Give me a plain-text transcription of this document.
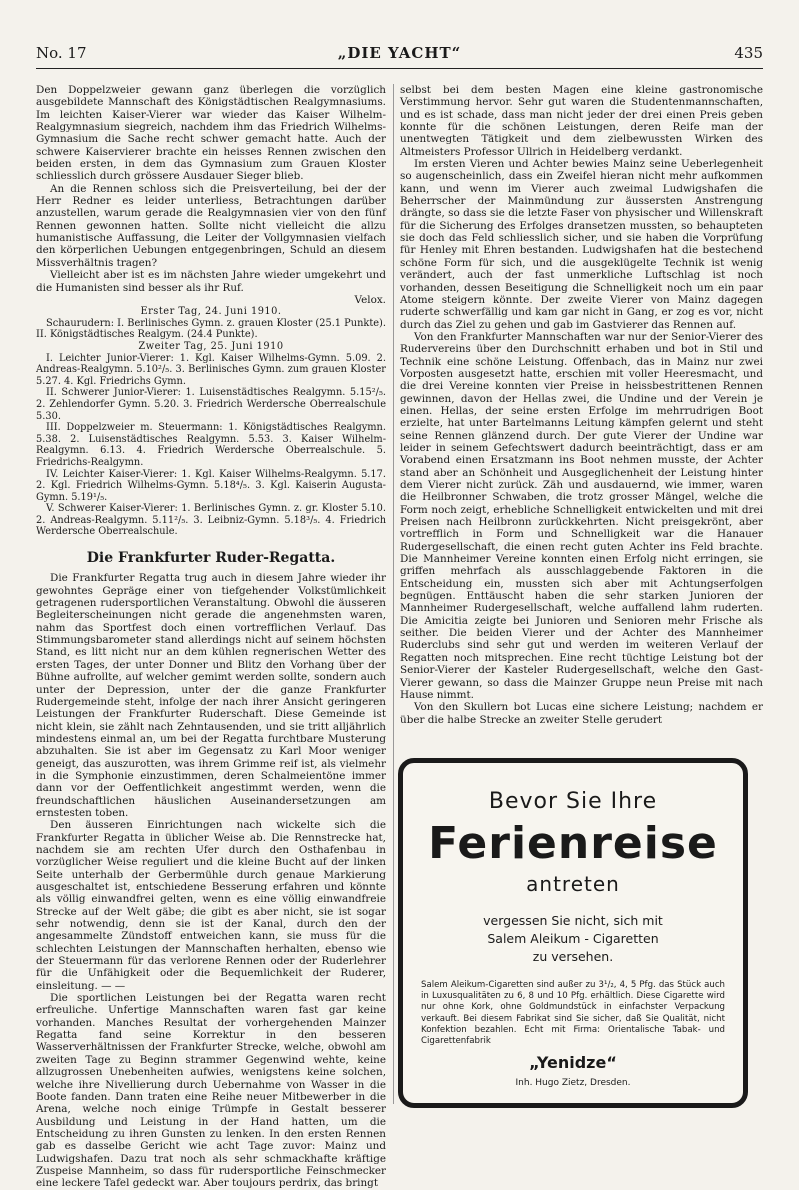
No. 17	„DIE YACHT“	435

Den Doppelzweier gewann ganz überlegen die vorzüglich ausgebildete Mannschaft des Königstädtischen Realgymnasiums. Im leichten Kaiser-Vierer war wieder das Kaiser Wilhelm-Realgymnasium siegreich, nachdem ihm das Friedrich Wilhelms-Gymnasium die Sache recht schwer gemacht hatte. Auch der schwere Kaiservierer brachte ein heisses Rennen zwischen den beiden ersten, in dem das Gymnasium zum Grauen Kloster schliesslich durch grössere Ausdauer Sieger blieb.

An die Rennen schloss sich die Preisverteilung, bei der der Herr Redner es leider unterliess, Betrachtungen darüber anzustellen, warum gerade die Realgymnasien vier von den fünf Rennen gewonnen hatten. Sollte nicht vielleicht die allzu humanistische Auffassung, die Leiter der Vollgymnasien vielfach den körperlichen Uebungen entgegenbringen, Schuld an diesem Missverhältnis tragen?

Vielleicht aber ist es im nächsten Jahre wieder umgekehrt und die Humanisten sind besser als ihr Ruf.

Velox.

Erster Tag, 24. Juni 1910.

Schaurudern: I. Berlinisches Gymn. z. grauen Kloster (25.1 Punkte). II. Königstädtisches Realgym. (24.4 Punkte).

Zweiter Tag, 25. Juni 1910

I. Leichter Junior-Vierer: 1. Kgl. Kaiser Wilhelms-Gymn. 5.09. 2. Andreas-Realgymn. 5.10²/₅. 3. Berlinisches Gymn. zum grauen Kloster 5.27. 4. Kgl. Friedrichs Gymn.

II. Schwerer Junior-Vierer: 1. Luisenstädtisches Realgymn. 5.15²/₅. 2. Zehlendorfer Gymn. 5.20. 3. Friedrich Werdersche Oberrealschule 5.30.

III. Doppelzweier m. Steuermann: 1. Königstädtisches Realgymn. 5.38. 2. Luisenstädtisches Realgymn. 5.53. 3. Kaiser Wilhelm-Realgymn. 6.13. 4. Friedrich Werdersche Oberrealschule. 5. Friedrichs-Realgymn.

IV. Leichter Kaiser-Vierer: 1. Kgl. Kaiser Wilhelms-Realgymn. 5.17. 2. Kgl. Friedrich Wilhelms-Gymn. 5.18⁴/₅. 3. Kgl. Kaiserin Augusta-Gymn. 5.19¹/₅.

V. Schwerer Kaiser-Vierer: 1. Berlinisches Gymn. z. gr. Kloster 5.10. 2. Andreas-Realgymn. 5.11²/₅. 3. Leibniz-Gymn. 5.18³/₅. 4. Friedrich Werdersche Oberrealschule.

Die Frankfurter Ruder-Regatta.

Die Frankfurter Regatta trug auch in diesem Jahre wieder ihr gewohntes Gepräge einer von tiefgehender Volkstümlichkeit getragenen rudersportlichen Veranstaltung. Obwohl die äusseren Begleiterscheinungen nicht gerade die angenehmsten waren, nahm das Sportfest doch einen vortrefflichen Verlauf. Das Stimmungsbarometer stand allerdings nicht auf seinem höchsten Stand, es litt nicht nur an dem kühlen regnerischen Wetter des ersten Tages, der unter Donner und Blitz den Vorhang über der Bühne aufrollte, auf welcher gemimt werden sollte, sondern auch unter der Depression, unter der die ganze Frankfurter Rudergemeinde steht, infolge der nach ihrer Ansicht geringeren Leistungen der Frankfurter Ruderschaft. Diese Gemeinde ist nicht klein, sie zählt nach Zehntausenden, und sie tritt alljährlich mindestens einmal an, um bei der Regatta furchtbare Musterung abzuhalten. Sie ist aber im Gegensatz zu Karl Moor weniger geneigt, das auszurotten, was ihrem Grimme reif ist, als vielmehr in die Symphonie einzustimmen, deren Schalmeientöne immer dann vor der Oeffentlichkeit angestimmt werden, wenn die freundschaftlichen häuslichen Auseinandersetzungen am ernstesten toben.

Den äusseren Einrichtungen nach wickelte sich die Frankfurter Regatta in üblicher Weise ab. Die Rennstrecke hat, nachdem sie am rechten Ufer durch den Osthafenbau in vorzüglicher Weise reguliert und die kleine Bucht auf der linken Seite unterhalb der Gerbermühle durch genaue Markierung ausgeschaltet ist, entschiedene Besserung erfahren und könnte als völlig einwandfrei gelten, wenn es eine völlig einwandfreie Strecke auf der Welt gäbe; die gibt es aber nicht, sie ist sogar sehr notwendig, denn sie ist der Kanal, durch den der angesammelte Zündstoff entweichen kann, sie muss für die schlechten Leistungen der Mannschaften herhalten, ebenso wie der Steuermann für das verlorene Rennen oder der Ruderlehrer für die Unfähigkeit oder die Bequemlichkeit der Ruderer, einsleitung. — —

Die sportlichen Leistungen bei der Regatta waren recht erfreuliche. Unfertige Mannschaften waren fast gar keine vorhanden. Manches Resultat der vorhergehenden Mainzer Regatta fand seine Korrektur in den besseren Wasserverhältnissen der Frankfurter Strecke, welche, obwohl am zweiten Tage zu Beginn strammer Gegenwind wehte, keine allzugrossen Unebenheiten aufwies, wenigstens keine solchen, welche ihre Nivellierung durch Uebernahme von Wasser in die Boote fanden. Dann traten eine Reihe neuer Mitbewerber in die Arena, welche noch einige Trümpfe in Gestalt besserer Ausbildung und Leistung in der Hand hatten, um die Entscheidung zu ihren Gunsten zu lenken. In den ersten Rennen gab es dasselbe Gericht wie acht Tage zuvor: Mainz und Ludwigshafen. Dazu trat noch als sehr schmackhafte kräftige Zuspeise Mannheim, so dass für rudersportliche Feinschmecker eine leckere Tafel gedeckt war. Aber toujours perdrix, das bringt

selbst bei dem besten Magen eine kleine gastronomische Verstimmung hervor. Sehr gut waren die Studentenmannschaften, und es ist schade, dass man nicht jeder der drei einen Preis geben konnte für die schönen Leistungen, deren Reife man der unentwegten Tätigkeit und dem zielbewussten Wirken des Altmeisters Professor Ullrich in Heidelberg verdankt.

Im ersten Vieren und Achter bewies Mainz seine Ueberlegenheit so augenscheinlich, dass ein Zweifel hieran nicht mehr aufkommen kann, und wenn im Vierer auch zweimal Ludwigshafen die Beherrscher der Mainmündung zur äussersten Anstrengung drängte, so dass sie die letzte Faser von physischer und Willenskraft für die Sicherung des Erfolges dransetzen mussten, so behaupteten sie doch das Feld schliesslich sicher, und sie haben die Vorprüfung für Henley mit Ehren bestanden. Ludwigshafen hat die bestechend schöne Form für sich, und die ausgeklügelte Technik ist wenig verändert, auch der fast unmerkliche Luftschlag ist noch vorhanden, dessen Beseitigung die Schnelligkeit noch um ein paar Atome steigern könnte. Der zweite Vierer von Mainz dagegen ruderte schwerfällig und kam gar nicht in Gang, er zog es vor, nicht durch das Ziel zu gehen und gab im Gastvierer das Rennen auf.

Von den Frankfurter Mannschaften war nur der Senior-Vierer des Rudervereins über den Durchschnitt erhaben und bot in Stil und Technik eine schöne Leistung. Offenbach, das in Mainz nur zwei Vorposten ausgesetzt hatte, erschien mit voller Heeresmacht, und die drei Vereine konnten vier Preise in heissbestrittenen Rennen gewinnen, davon der Hellas zwei, die Undine und der Verein je einen. Hellas, der seine ersten Erfolge im mehrrudrigen Boot erzielte, hat unter Bartelmanns Leitung kämpfen gelernt und steht seine Rennen glänzend durch. Der gute Vierer der Undine war leider in seinem Gefechtswert dadurch beeinträchtigt, dass er am Vorabend einen Ersatzmann ins Boot nehmen musste, der Achter stand aber an Schönheit und Ausgeglichenheit der Leistung hinter dem Vierer nicht zurück. Zäh und ausdauernd, wie immer, waren die Heilbronner Schwaben, die trotz grosser Mängel, welche die Form noch zeigt, erhebliche Schnelligkeit entwickelten und mit drei Preisen nach Heilbronn zurückkehrten. Nicht preisgekrönt, aber vortrefflich in Form und Schnelligkeit war die Hanauer Rudergesellschaft, die einen recht guten Achter ins Feld brachte. Die Mannheimer Vereine konnten einen Erfolg nicht erringen, sie griffen mehrfach als ausschlaggebende Faktoren in die Entscheidung ein, mussten sich aber mit Achtungserfolgen begnügen. Enttäuscht haben die sehr starken Junioren der Mannheimer Rudergesellschaft, welche auffallend lahm ruderten. Die Amicitia zeigte bei Junioren und Senioren mehr Frische als seither. Die beiden Vierer und der Achter des Mannheimer Ruderclubs sind sehr gut und werden im weiteren Verlauf der Regatten noch mitsprechen. Eine recht tüchtige Leistung bot der Senior-Vierer der Kasteler Rudergesellschaft, welche den Gast-Vierer gewann, so dass die Mainzer Gruppe neun Preise mit nach Hause nimmt.

Von den Skullern bot Lucas eine sichere Leistung; nachdem er über die halbe Strecke an zweiter Stelle gerudert

Bevor Sie Ihre
Ferienreise
antreten
vergessen Sie nicht, sich mit
Salem Aleikum - Cigaretten
zu versehen.
Salem Aleikum-Cigaretten sind außer zu 3¹/₂, 4, 5 Pfg. das Stück auch in Luxusqualitäten zu 6, 8 und 10 Pfg. erhältlich. Diese Cigarette wird nur ohne Kork, ohne Goldmundstück in einfachster Verpackung verkauft. Bei diesem Fabrikat sind Sie sicher, daß Sie Qualität, nicht Konfektion bezahlen. Echt mit Firma: Orientalische Tabak- und Cigarettenfabrik
„Yenidze“
Inh. Hugo Zietz, Dresden.
